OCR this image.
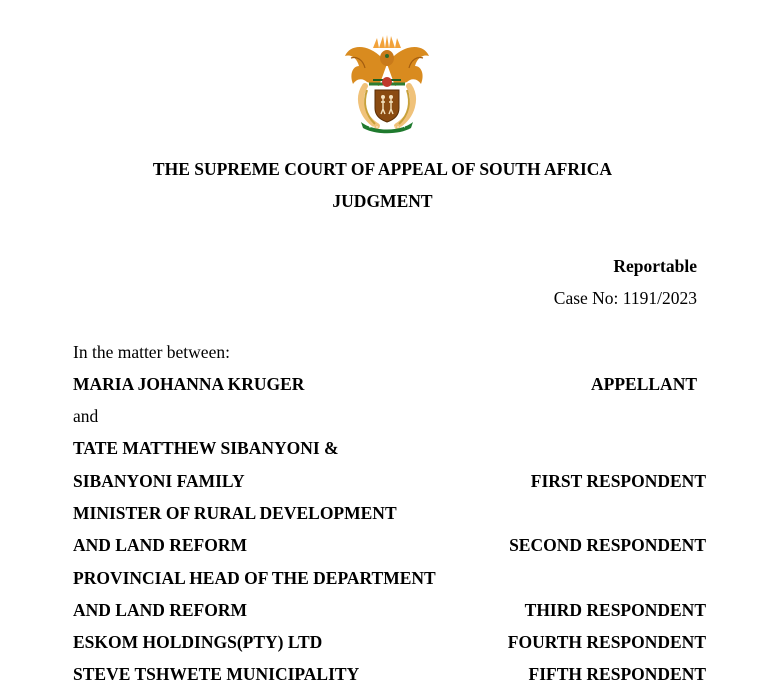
THE SUPREME COURT OF APPEAL OF SOUTH AFRICA
JUDGMENT
Reportable
Case No: 1191/2023
In the matter between:
MARIA JOHANNA KRUGER	APPELLANT
and
TATE MATTHEW SIBANYONI &
SIBANYONI FAMILY	FIRST RESPONDENT
MINISTER OF RURAL DEVELOPMENT
AND LAND REFORM	SECOND RESPONDENT
PROVINCIAL HEAD OF THE DEPARTMENT
AND LAND REFORM	THIRD RESPONDENT
ESKOM HOLDINGS(PTY) LTD	FOURTH RESPONDENT
STEVE TSHWETE MUNICIPALITY	FIFTH RESPONDENT
